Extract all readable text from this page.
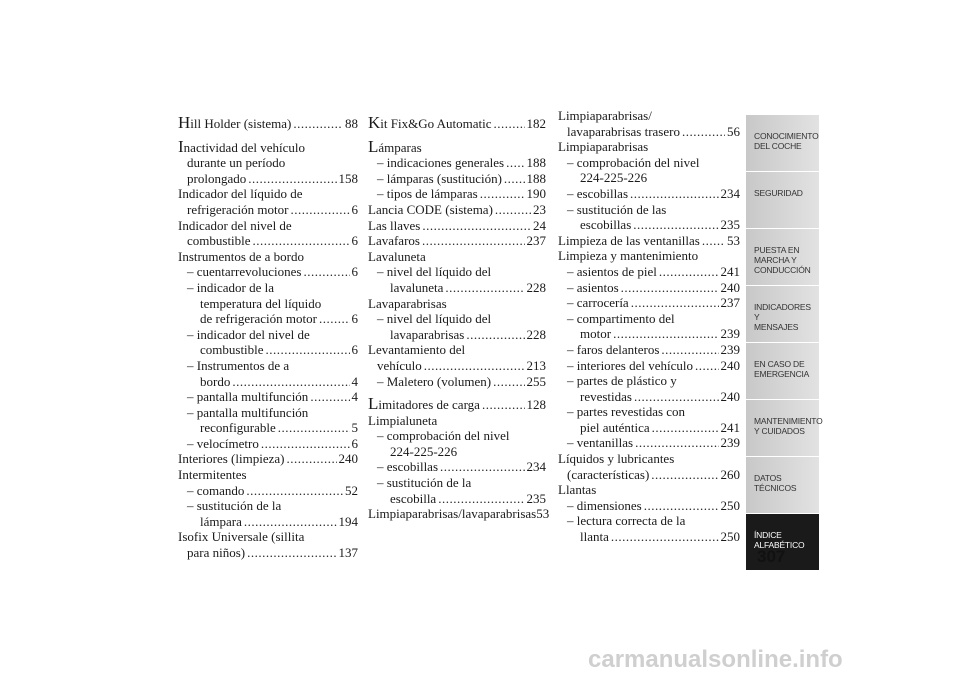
Hill Holder (sistema) .....	88
Inactividad del vehículo
durante un período
prolongado .....	158
Indicador del líquido de
refrigeración motor .....	6
Indicador del nivel de
combustible .....	6
Instrumentos de a bordo
– cuentarrevoluciones .....	6
– indicador de la
temperatura del líquido
de refrigeración motor .....	6
– indicador del nivel de
combustible .....	6
– Instrumentos de a
bordo .....	4
– pantalla multifunción .....	4
– pantalla multifunción
reconfigurable .....	5
– velocímetro .....	6
Interiores (limpieza) .....	240
Intermitentes
– comando .....	52
– sustitución de la
lámpara .....	194
Isofix Universale (sillita
para niños) .....	137
Kit Fix&Go Automatic .....	182
Lámparas
– indicaciones generales ..... 188
– lámparas (sustitución) ..... 188
– tipos de lámparas .....	190
Lancia CODE (sistema) .....	23
Las llaves .....	24
Lavafaros .....	237
Lavaluneta
– nivel del líquido del
lavaluneta .....	228
Lavaparabrisas
– nivel del líquido del
lavaparabrisas .....	228
Levantamiento del
vehículo .....	213
– Maletero (volumen) .....	255
Limitadores de carga .....	128
Limpialuneta
– comprobación del nivel
224-225-226
– escobillas .....	234
– sustitución de la
escobilla .....	235
Limpiaparabrisas/lavaparabrisas 53
Limpiaparabrisas/
lavaparabrisas trasero .....	56
Limpiaparabrisas
– comprobación del nivel
224-225-226
– escobillas .....	234
– sustitución de las
escobillas .....	235
Limpieza de las ventanillas ..... 53
Limpieza y mantenimiento
– asientos de piel .....	241
– asientos .....	240
– carrocería .....	237
– compartimento del
motor .....	239
– faros delanteros .....	239
– interiores del vehículo ..... 240
– partes de plástico y
revestidas .....	240
– partes revestidas con
piel auténtica .....	241
– ventanillas .....	239
Líquidos y lubricantes
(características) .....	260
Llantas
– dimensiones .....	250
– lectura correcta de la
llanta .....	250
CONOCIMIENTO
DEL COCHE
SEGURIDAD
PUESTA EN
MARCHA Y
CONDUCCIÓN
INDICADORES Y
MENSAJES
EN CASO DE
EMERGENCIA
MANTENIMIENTO
Y CUIDADOS
DATOS TÉCNICOS
ÍNDICE
ALFABÉTICO
307
carmanualsonline.info
